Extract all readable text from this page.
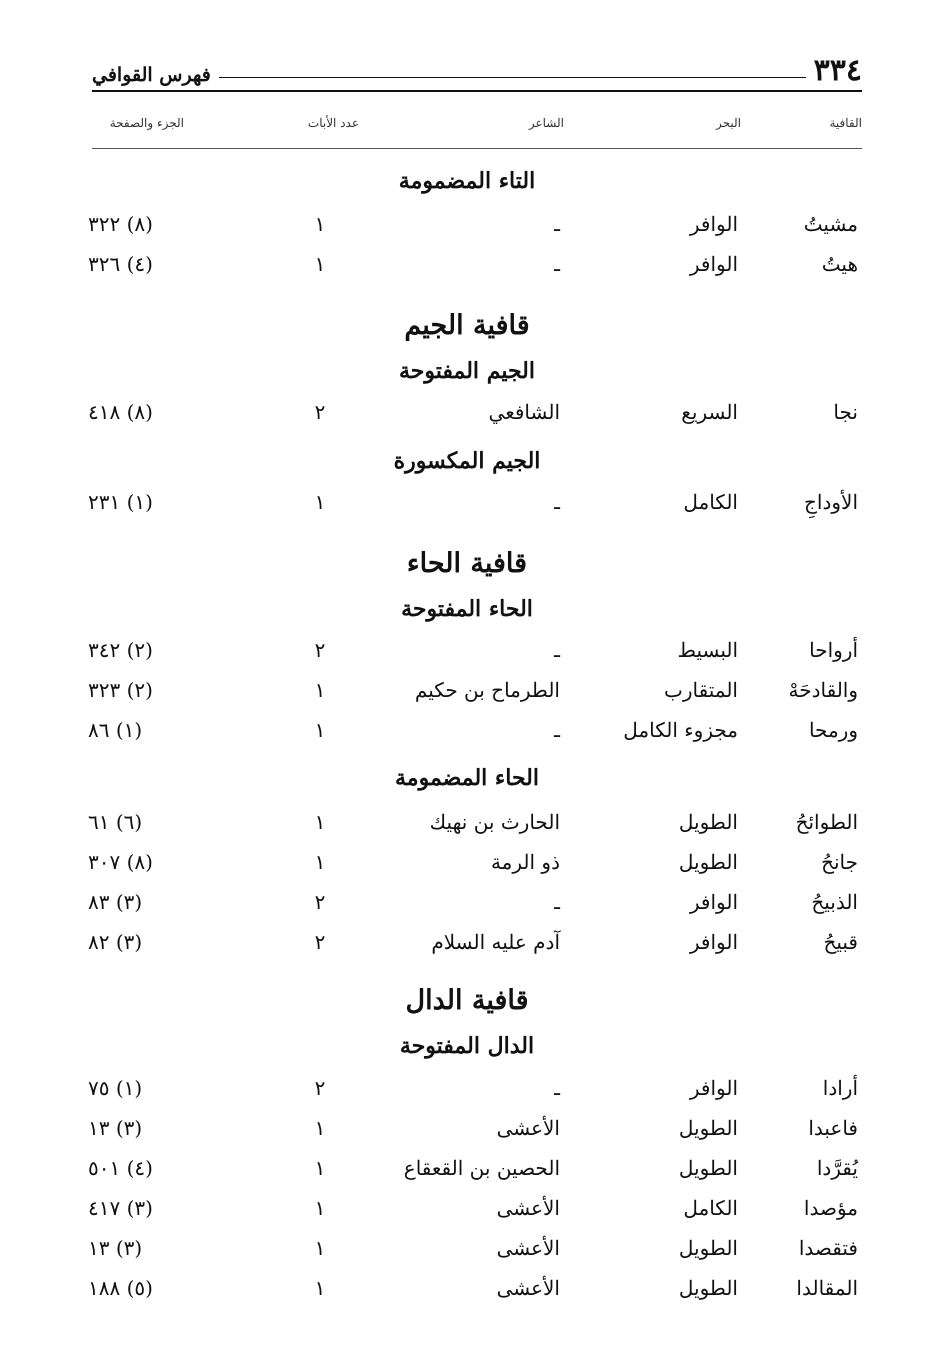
٣٣٤
فهرس القوافي
القافية
البحر
الشاعر
عدد الأبات
الجزء والصفحة
التاء المضمومة
قافية الجيم
الجيم المفتوحة
الجيم المكسورة
قافية الحاء
الحاء المفتوحة
الحاء المضمومة
قافية الدال
الدال المفتوحة
مشيتُ
الوافر
ـ
١
(٨) ٣٢٢
هيتُ
الوافر
ـ
١
(٤) ٣٢٦
نجا
السريع
الشافعي
٢
(٨) ٤١٨
الأوداجِ
الكامل
ـ
١
(١) ٢٣١
أرواحا
البسيط
ـ
٢
(٢) ٣٤٢
والقادحَهْ
المتقارب
الطرماح بن حكيم
١
(٢) ٣٢٣
ورمحا
مجزوء الكامل
ـ
١
(١) ٨٦
الطوائحُ
الطويل
الحارث بن نهيك
١
(٦) ٦١
جانحُ
الطويل
ذو الرمة
١
(٨) ٣٠٧
الذبيحُ
الوافر
ـ
٢
(٣) ٨٣
قبيحُ
الوافر
آدم عليه السلام
٢
(٣) ٨٢
أرادا
الوافر
ـ
٢
(١) ٧٥
فاعبدا
الطويل
الأعشى
١
(٣) ١٣
يُقرَّدا
الطويل
الحصين بن القعقاع
١
(٤) ٥٠١
مؤصدا
الكامل
الأعشى
١
(٣) ٤١٧
فتقصدا
الطويل
الأعشى
١
(٣) ١٣
المقالدا
الطويل
الأعشى
١
(٥) ١٨٨
